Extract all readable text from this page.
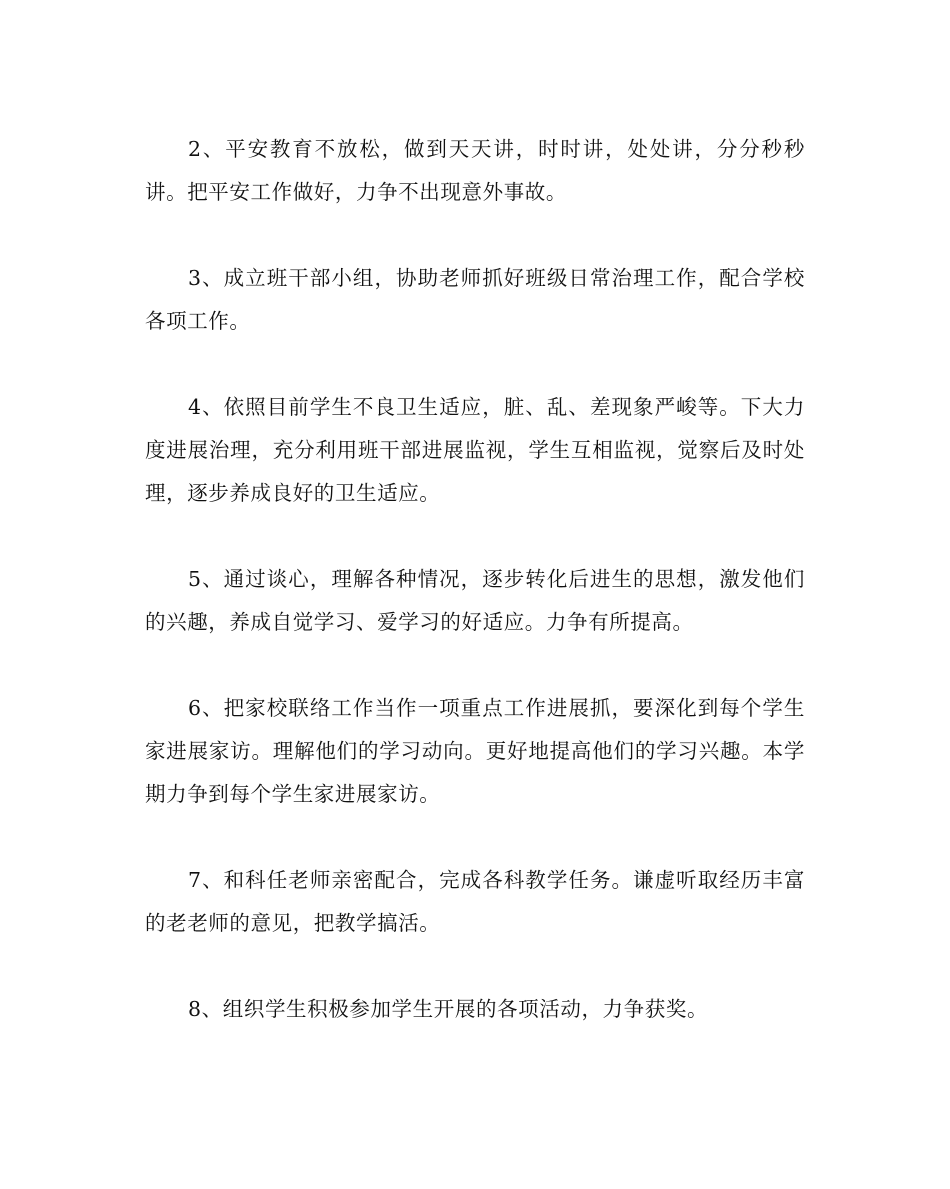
2、平安教育不放松，做到天天讲，时时讲，处处讲，分分秒秒讲。把平安工作做好，力争不出现意外事故。

3、成立班干部小组，协助老师抓好班级日常治理工作，配合学校各项工作。

4、依照目前学生不良卫生适应，脏、乱、差现象严峻等。下大力度进展治理，充分利用班干部进展监视，学生互相监视，觉察后及时处理，逐步养成良好的卫生适应。

5、通过谈心，理解各种情况，逐步转化后进生的思想，激发他们的兴趣，养成自觉学习、爱学习的好适应。力争有所提高。

6、把家校联络工作当作一项重点工作进展抓，要深化到每个学生家进展家访。理解他们的学习动向。更好地提高他们的学习兴趣。本学期力争到每个学生家进展家访。

7、和科任老师亲密配合，完成各科教学任务。谦虚听取经历丰富的老老师的意见，把教学搞活。

8、组织学生积极参加学生开展的各项活动，力争获奖。
